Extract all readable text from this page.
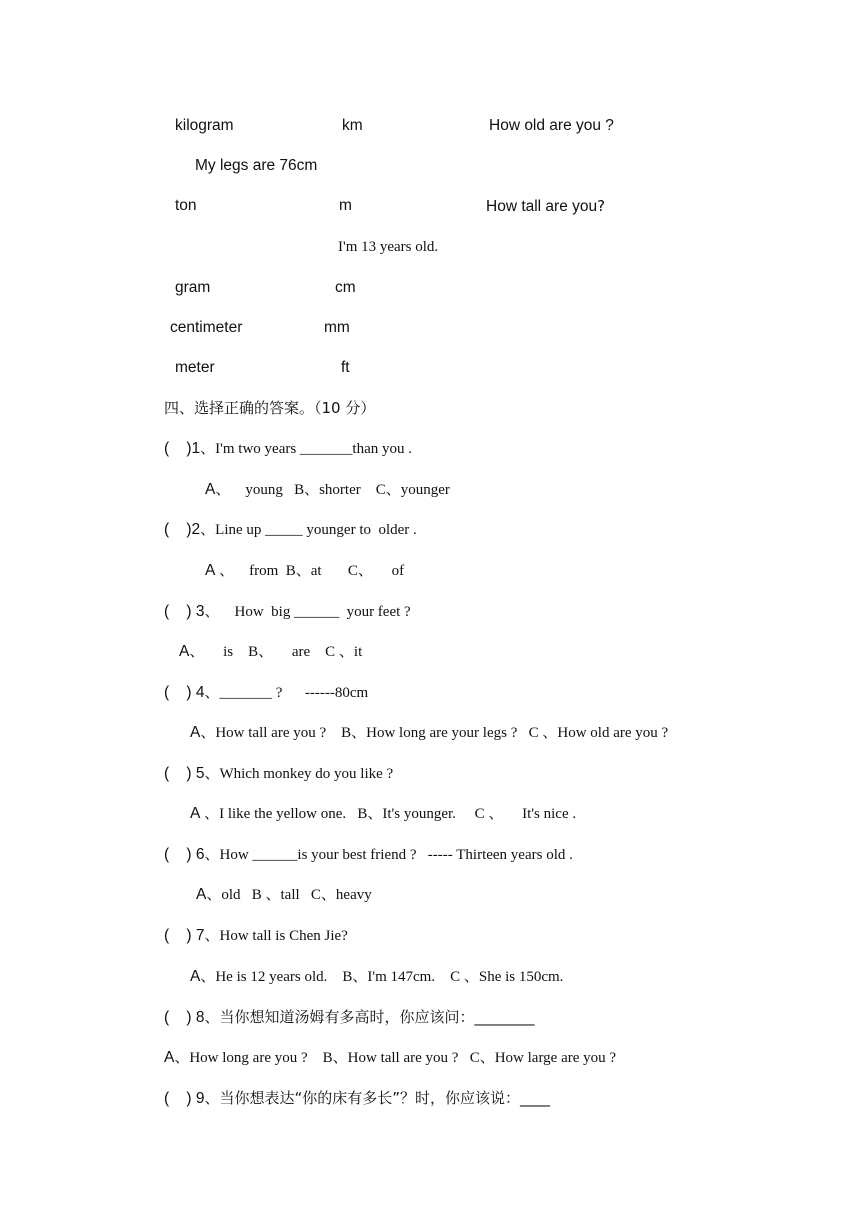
kilogram	km	How old are you ?
My legs are 76cm
ton	m	How tall are you?
I'm 13 years old.
gram	cm
centimeter	mm
meter	ft
四、选择正确的答案。（10 分）
(    )1、I'm two years _______than you .
A、    young   B、shorter    C、younger
(    )2、Line up _____ younger to  older .
A 、    from  B、at       C、     of
(    ) 3、    How  big ______  your feet ?
A、     is    B、     are    C 、it
(    ) 4、_______ ?      ------80cm
A、How tall are you ?    B、How long are your legs ?   C 、How old are you ?
(    ) 5、Which monkey do you like ?
A 、I like the yellow one.   B、It's younger.     C 、     It's nice .
(    ) 6、How ______is your best friend ?   ----- Thirteen years old .
A、old   B 、tall   C、heavy
(    ) 7、How tall is Chen Jie?
A、He is 12 years old.    B、I'm 147cm.    C 、She is 150cm.
(    ) 8、当你想知道汤姆有多高时，你应该问：________
A、How long are you ?    B、How tall are you ?   C、How large are you ?
(    ) 9、当你想表达“你的床有多长”？时，你应该说：____
